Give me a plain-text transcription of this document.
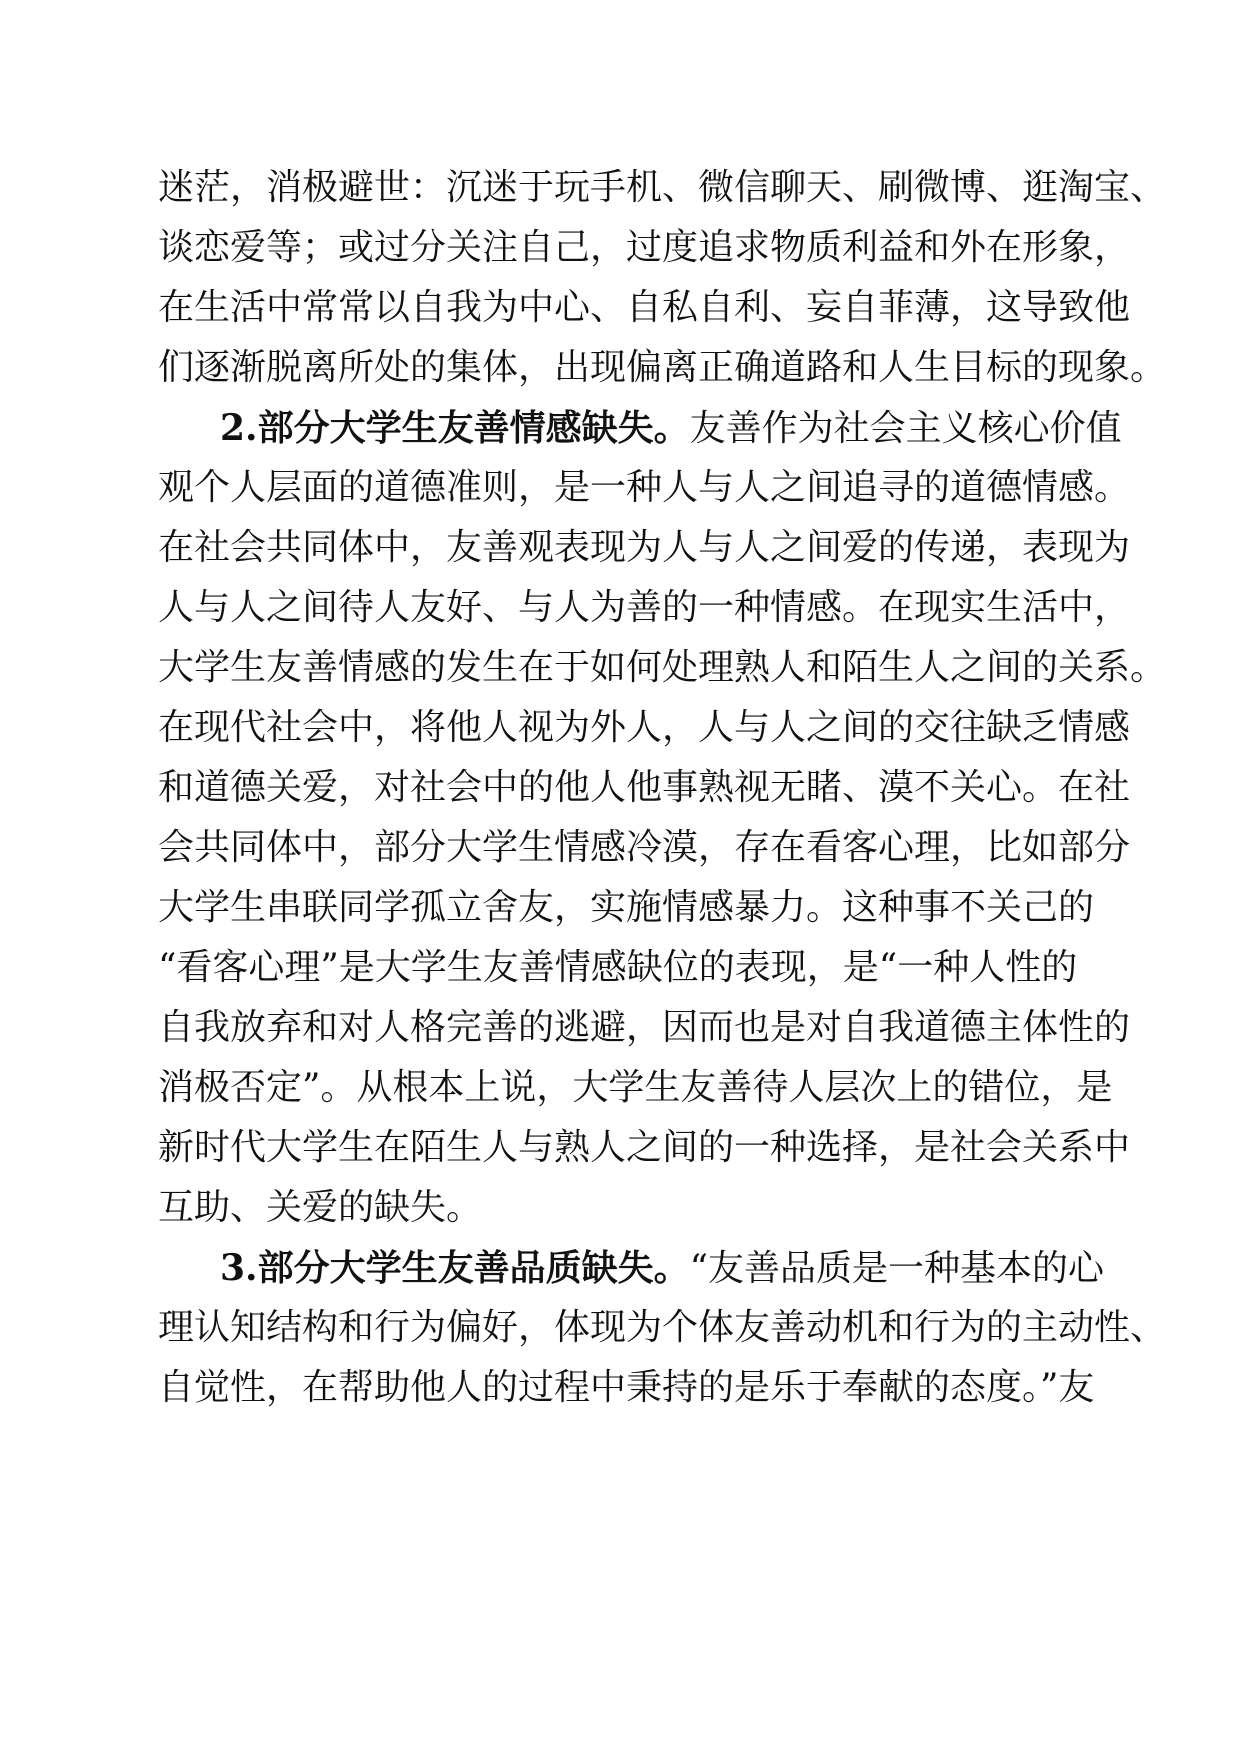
迷茫，消极避世：沉迷于玩手机、微信聊天、刷微博、逛淘宝、
谈恋爱等；或过分关注自己，过度追求物质利益和外在形象，
在生活中常常以自我为中心、自私自利、妄自菲薄，这导致他
们逐渐脱离所处的集体，出现偏离正确道路和人生目标的现象。
2.部分大学生友善情感缺失。友善作为社会主义核心价值
观个人层面的道德准则，是一种人与人之间追寻的道德情感。
在社会共同体中，友善观表现为人与人之间爱的传递，表现为
人与人之间待人友好、与人为善的一种情感。在现实生活中，
大学生友善情感的发生在于如何处理熟人和陌生人之间的关系。
在现代社会中，将他人视为外人，人与人之间的交往缺乏情感
和道德关爱，对社会中的他人他事熟视无睹、漠不关心。在社
会共同体中，部分大学生情感冷漠，存在看客心理，比如部分
大学生串联同学孤立舍友，实施情感暴力。这种事不关己的
“看客心理”是大学生友善情感缺位的表现，是“一种人性的
自我放弃和对人格完善的逃避，因而也是对自我道德主体性的
消极否定”。从根本上说，大学生友善待人层次上的错位，是
新时代大学生在陌生人与熟人之间的一种选择，是社会关系中
互助、关爱的缺失。
3.部分大学生友善品质缺失。“友善品质是一种基本的心
理认知结构和行为偏好，体现为个体友善动机和行为的主动性、
自觉性，在帮助他人的过程中秉持的是乐于奉献的态度。”友
